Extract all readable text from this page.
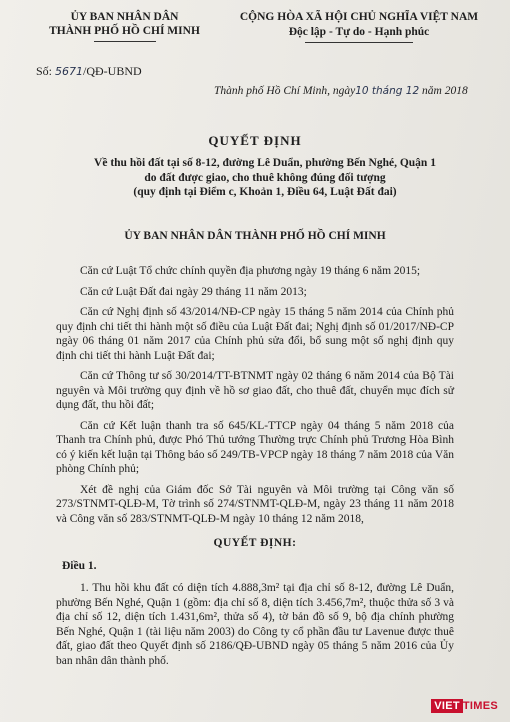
ỦY BAN NHÂN DÂN
THÀNH PHỐ HỒ CHÍ MINH
Số: 5671/QĐ-UBND
CỘNG HÒA XÃ HỘI CHỦ NGHĨA VIỆT NAM
Độc lập - Tự do - Hạnh phúc
Thành phố Hồ Chí Minh, ngày10 tháng 12 năm 2018
QUYẾT ĐỊNH
Về thu hồi đất tại số 8-12, đường Lê Duẩn, phường Bến Nghé, Quận 1
do đất được giao, cho thuê không đúng đối tượng
(quy định tại Điểm c, Khoản 1, Điều 64, Luật Đất đai)
ỦY BAN NHÂN DÂN THÀNH PHỐ HỒ CHÍ MINH

Căn cứ Luật Tổ chức chính quyền địa phương ngày 19 tháng 6 năm 2015;

Căn cứ Luật Đất đai ngày 29 tháng 11 năm 2013;

Căn cứ Nghị định số 43/2014/NĐ-CP ngày 15 tháng 5 năm 2014 của Chính phủ quy định chi tiết thi hành một số điều của Luật Đất đai; Nghị định số 01/2017/NĐ-CP ngày 06 tháng 01 năm 2017 của Chính phủ sửa đổi, bổ sung một số nghị định quy định chi tiết thi hành Luật Đất đai;

Căn cứ Thông tư số 30/2014/TT-BTNMT ngày 02 tháng 6 năm 2014 của Bộ Tài nguyên và Môi trường quy định về hồ sơ giao đất, cho thuê đất, chuyển mục đích sử dụng đất, thu hồi đất;

Căn cứ Kết luận thanh tra số 645/KL-TTCP ngày 04 tháng 5 năm 2018 của Thanh tra Chính phủ, được Phó Thủ tướng Thường trực Chính phủ Trương Hòa Bình có ý kiến kết luận tại Thông báo số 249/TB-VPCP ngày 18 tháng 7 năm 2018 của Văn phòng Chính phủ;

Xét đề nghị của Giám đốc Sở Tài nguyên và Môi trường tại Công văn số 273/STNMT-QLĐ-M, Tờ trình số 274/STNMT-QLĐ-M, ngày 23 tháng 11 năm 2018 và Công văn số 283/STNMT-QLĐ-M ngày 10 tháng 12 năm 2018,

QUYẾT ĐỊNH:
Điều 1.

1. Thu hồi khu đất có diện tích 4.888,3m² tại địa chỉ số 8-12, đường Lê Duẩn, phường Bến Nghé, Quận 1 (gồm: địa chỉ số 8, diện tích 3.456,7m², thuộc thửa số 3 và địa chỉ số 12, diện tích 1.431,6m², thửa số 4), tờ bản đồ số 9, bộ địa chính phường Bến Nghé, Quận 1 (tài liệu năm 2003) do Công ty cổ phần đầu tư Lavenue được thuê đất, giao đất theo Quyết định số 2186/QĐ-UBND ngày 05 tháng 5 năm 2016 của Ủy ban nhân dân thành phố.

VIET TIMES
